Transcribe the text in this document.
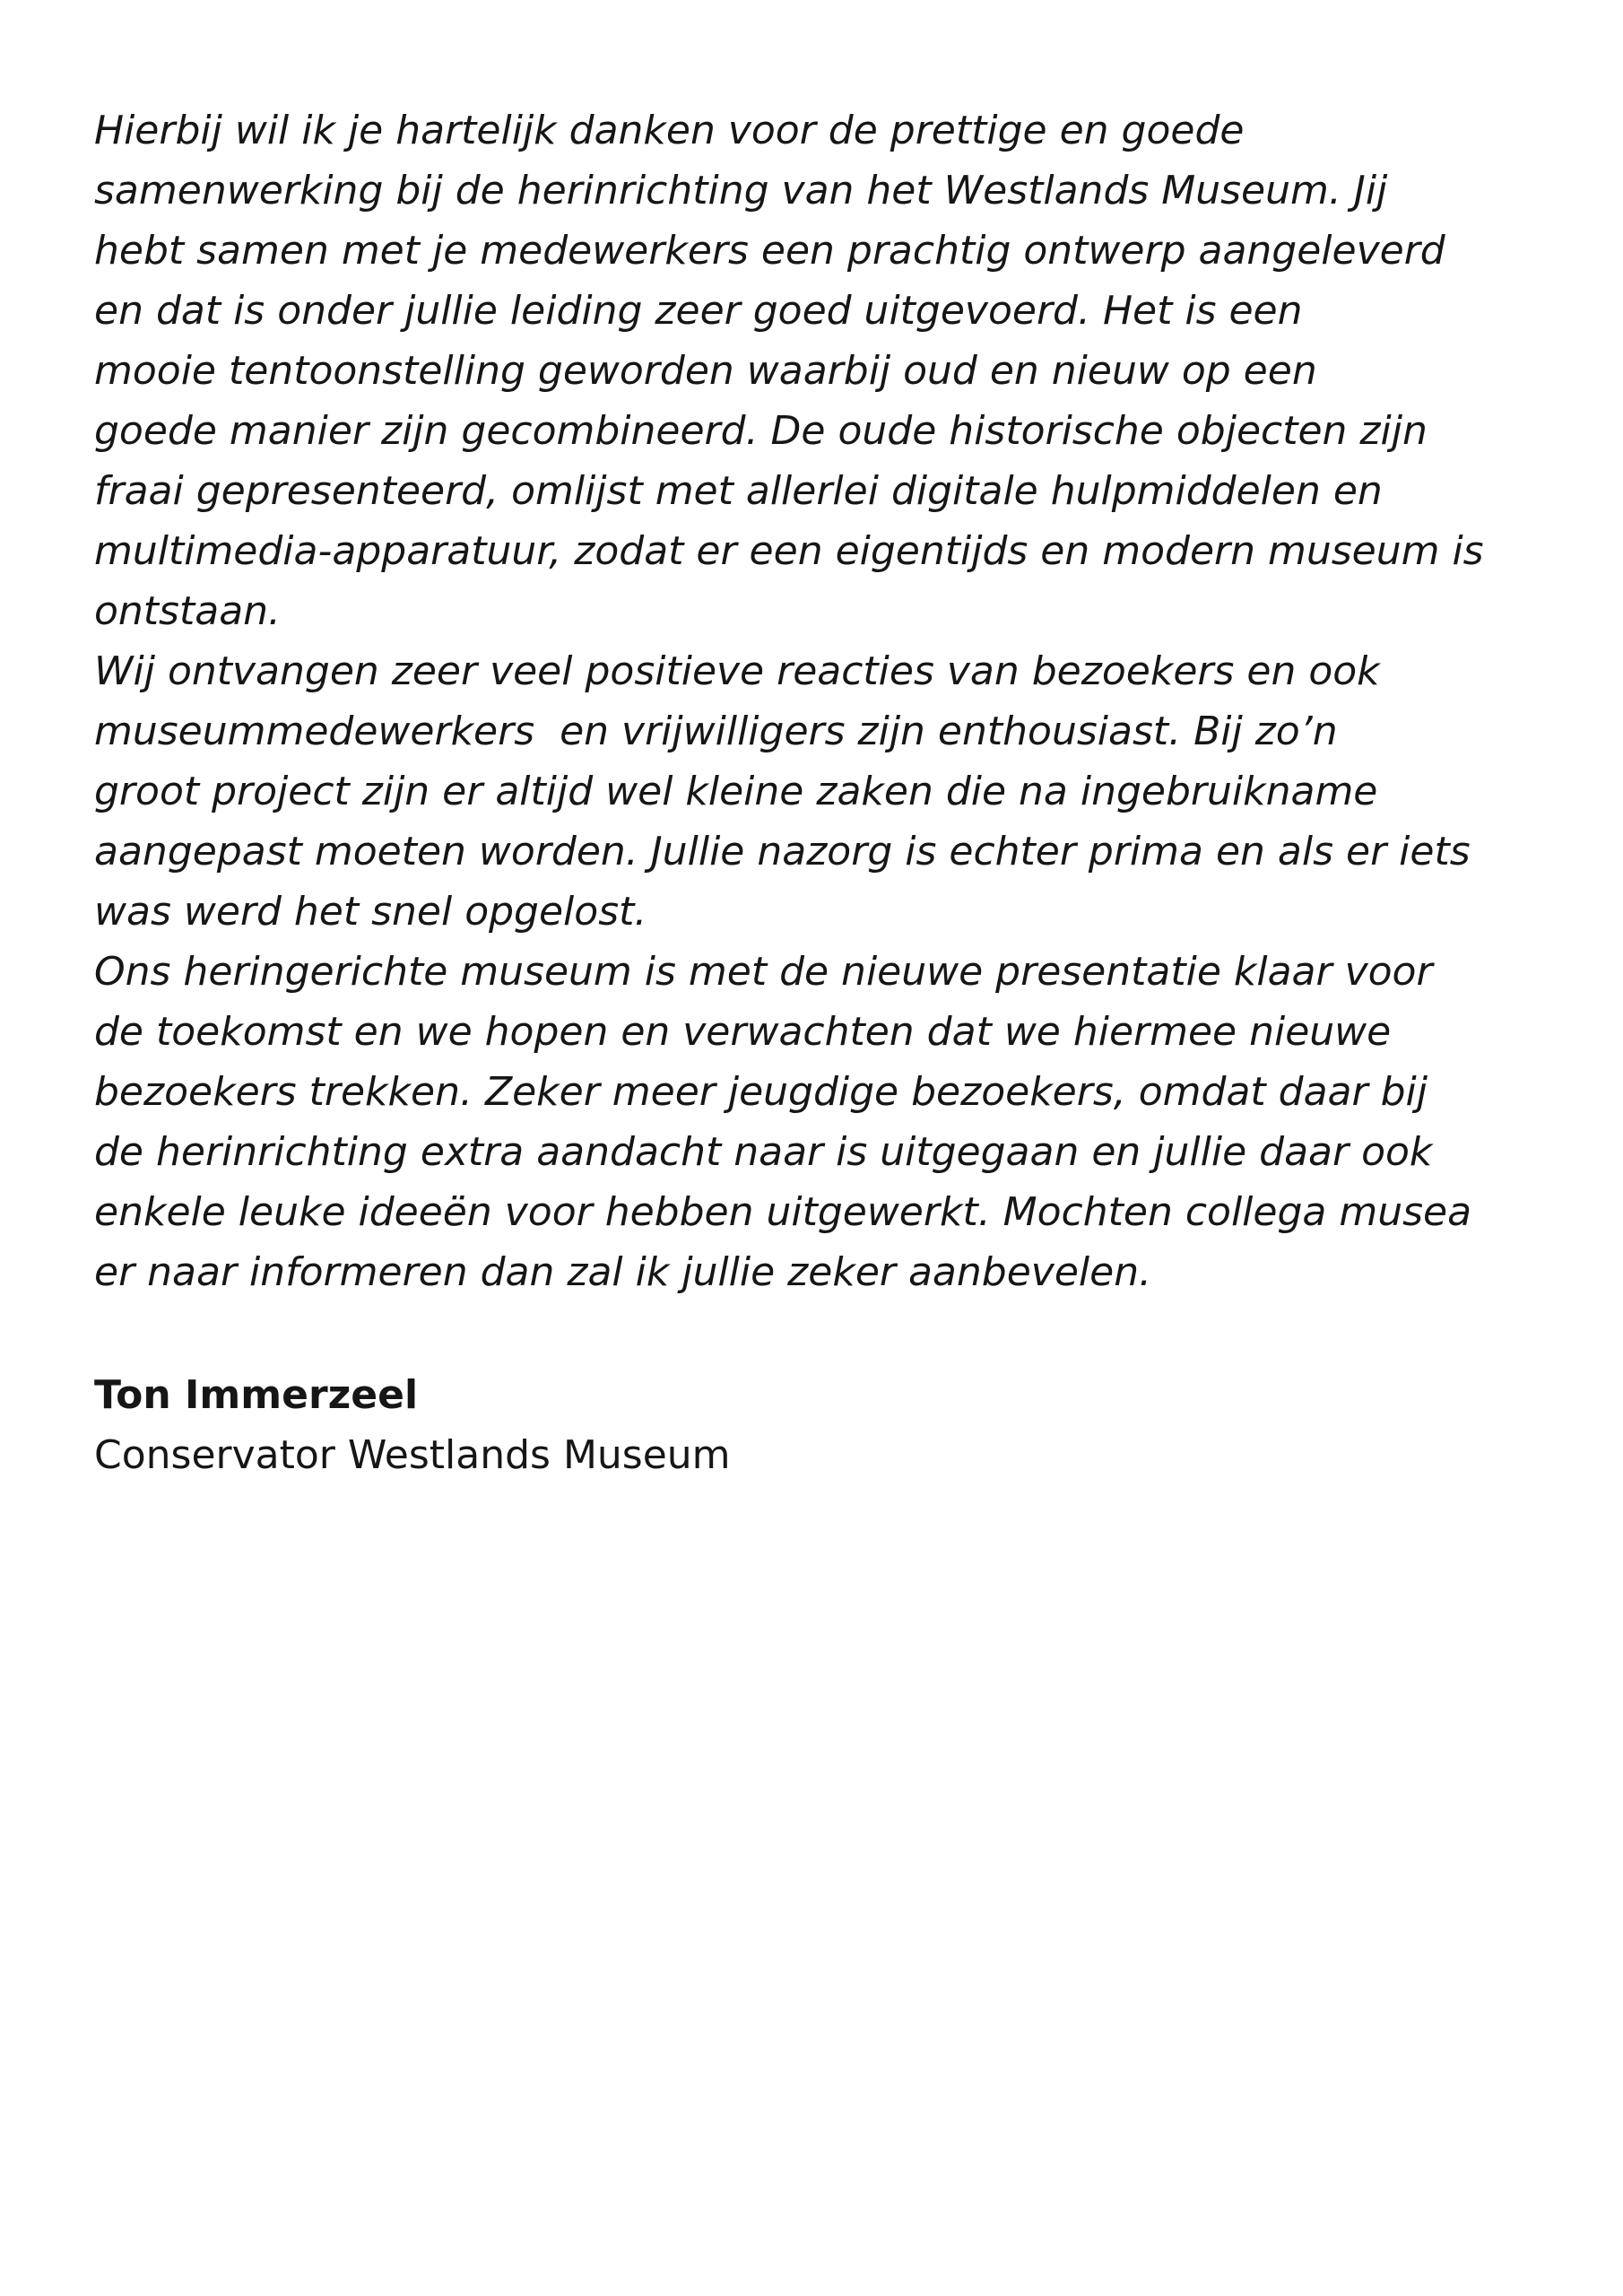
Hierbij wil ik je hartelijk danken voor de prettige en goede
samenwerking bij de herinrichting van het Westlands Museum. Jij
hebt samen met je medewerkers een prachtig ontwerp aangeleverd
en dat is onder jullie leiding zeer goed uitgevoerd. Het is een
mooie tentoonstelling geworden waarbij oud en nieuw op een
goede manier zijn gecombineerd. De oude historische objecten zijn
fraai gepresenteerd, omlijst met allerlei digitale hulpmiddelen en
multimedia-apparatuur, zodat er een eigentijds en modern museum is
ontstaan.
Wij ontvangen zeer veel positieve reacties van bezoekers en ook
museummedewerkers  en vrijwilligers zijn enthousiast. Bij zo’n
groot project zijn er altijd wel kleine zaken die na ingebruikname
aangepast moeten worden. Jullie nazorg is echter prima en als er iets
was werd het snel opgelost.
Ons heringerichte museum is met de nieuwe presentatie klaar voor
de toekomst en we hopen en verwachten dat we hiermee nieuwe
bezoekers trekken. Zeker meer jeugdige bezoekers, omdat daar bij
de herinrichting extra aandacht naar is uitgegaan en jullie daar ook
enkele leuke ideeën voor hebben uitgewerkt. Mochten collega musea
er naar informeren dan zal ik jullie zeker aanbevelen.
Ton Immerzeel
Conservator Westlands Museum
